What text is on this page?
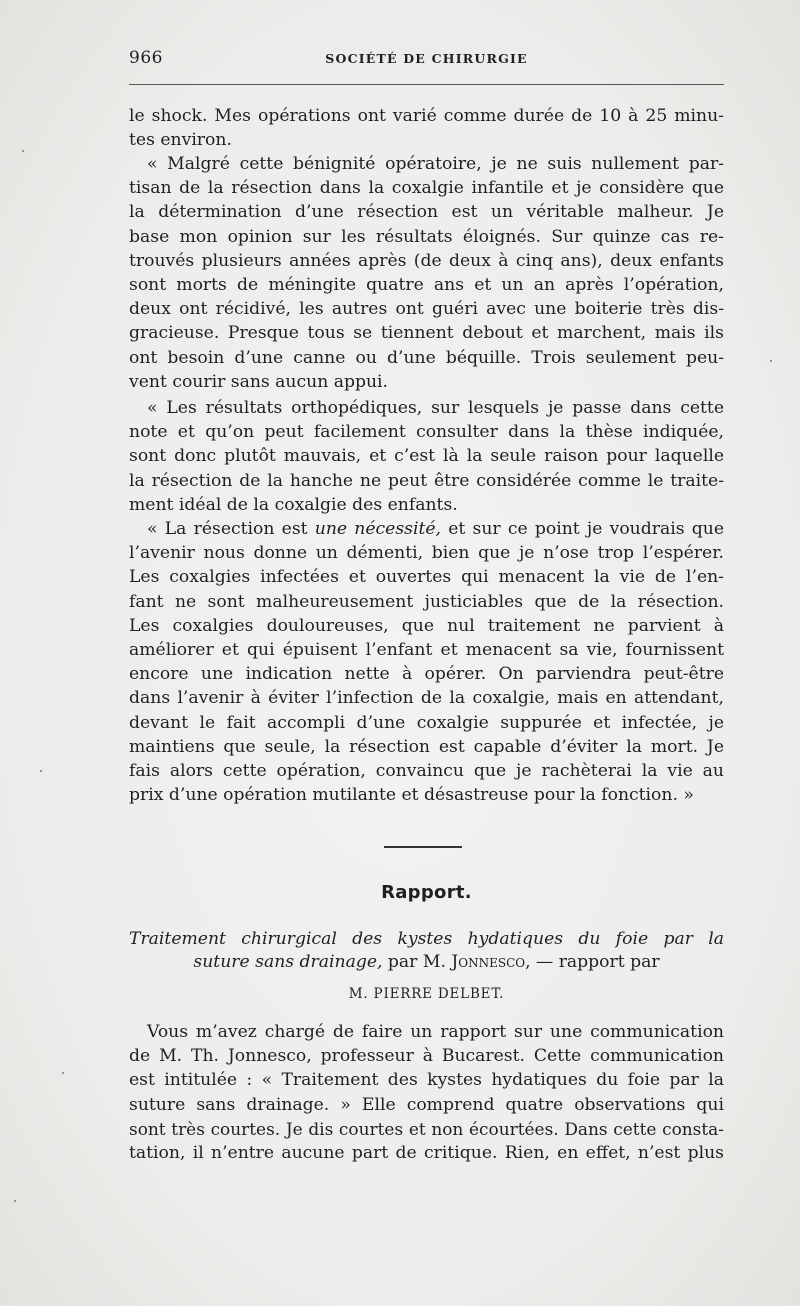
966	SOCIÉTÉ DE CHIRURGIE
le shock. Mes opérations ont varié comme durée de 10 à 25 minu-
tes environ.
« Malgré cette bénignité opératoire, je ne suis nullement par-
tisan de la résection dans la coxalgie infantile et je considère que
la détermination d’une résection est un véritable malheur. Je
base mon opinion sur les résultats éloignés. Sur quinze cas re-
trouvés plusieurs années après (de deux à cinq ans), deux enfants
sont morts de méningite quatre ans et un an après l’opération,
deux ont récidivé, les autres ont guéri avec une boiterie très dis-
gracieuse. Presque tous se tiennent debout et marchent, mais ils
ont besoin d’une canne ou d’une béquille. Trois seulement peu-
vent courir sans aucun appui.
« Les résultats orthopédiques, sur lesquels je passe dans cette
note et qu’on peut facilement consulter dans la thèse indiquée,
sont donc plutôt mauvais, et c’est là la seule raison pour laquelle
la résection de la hanche ne peut être considérée comme le traite-
ment idéal de la coxalgie des enfants.
« La résection est une nécessité, et sur ce point je voudrais que
l’avenir nous donne un démenti, bien que je n’ose trop l’espérer.
Les coxalgies infectées et ouvertes qui menacent la vie de l’en-
fant ne sont malheureusement justiciables que de la résection.
Les coxalgies douloureuses, que nul traitement ne parvient à
améliorer et qui épuisent l’enfant et menacent sa vie, fournissent
encore une indication nette à opérer. On parviendra peut-être
dans l’avenir à éviter l’infection de la coxalgie, mais en attendant,
devant le fait accompli d’une coxalgie suppurée et infectée, je
maintiens que seule, la résection est capable d’éviter la mort. Je
fais alors cette opération, convaincu que je rachèterai la vie au
prix d’une opération mutilante et désastreuse pour la fonction. »
Rapport.
Traitement chirurgical des kystes hydatiques du foie par la
suture sans drainage, par M. Jonnesco, — rapport par
M. PIERRE DELBET.
Vous m’avez chargé de faire un rapport sur une communication
de M. Th. Jonnesco, professeur à Bucarest. Cette communication
est intitulée : « Traitement des kystes hydatiques du foie par la
suture sans drainage. » Elle comprend quatre observations qui
sont très courtes. Je dis courtes et non écourtées. Dans cette consta-
tation, il n’entre aucune part de critique. Rien, en effet, n’est plus
